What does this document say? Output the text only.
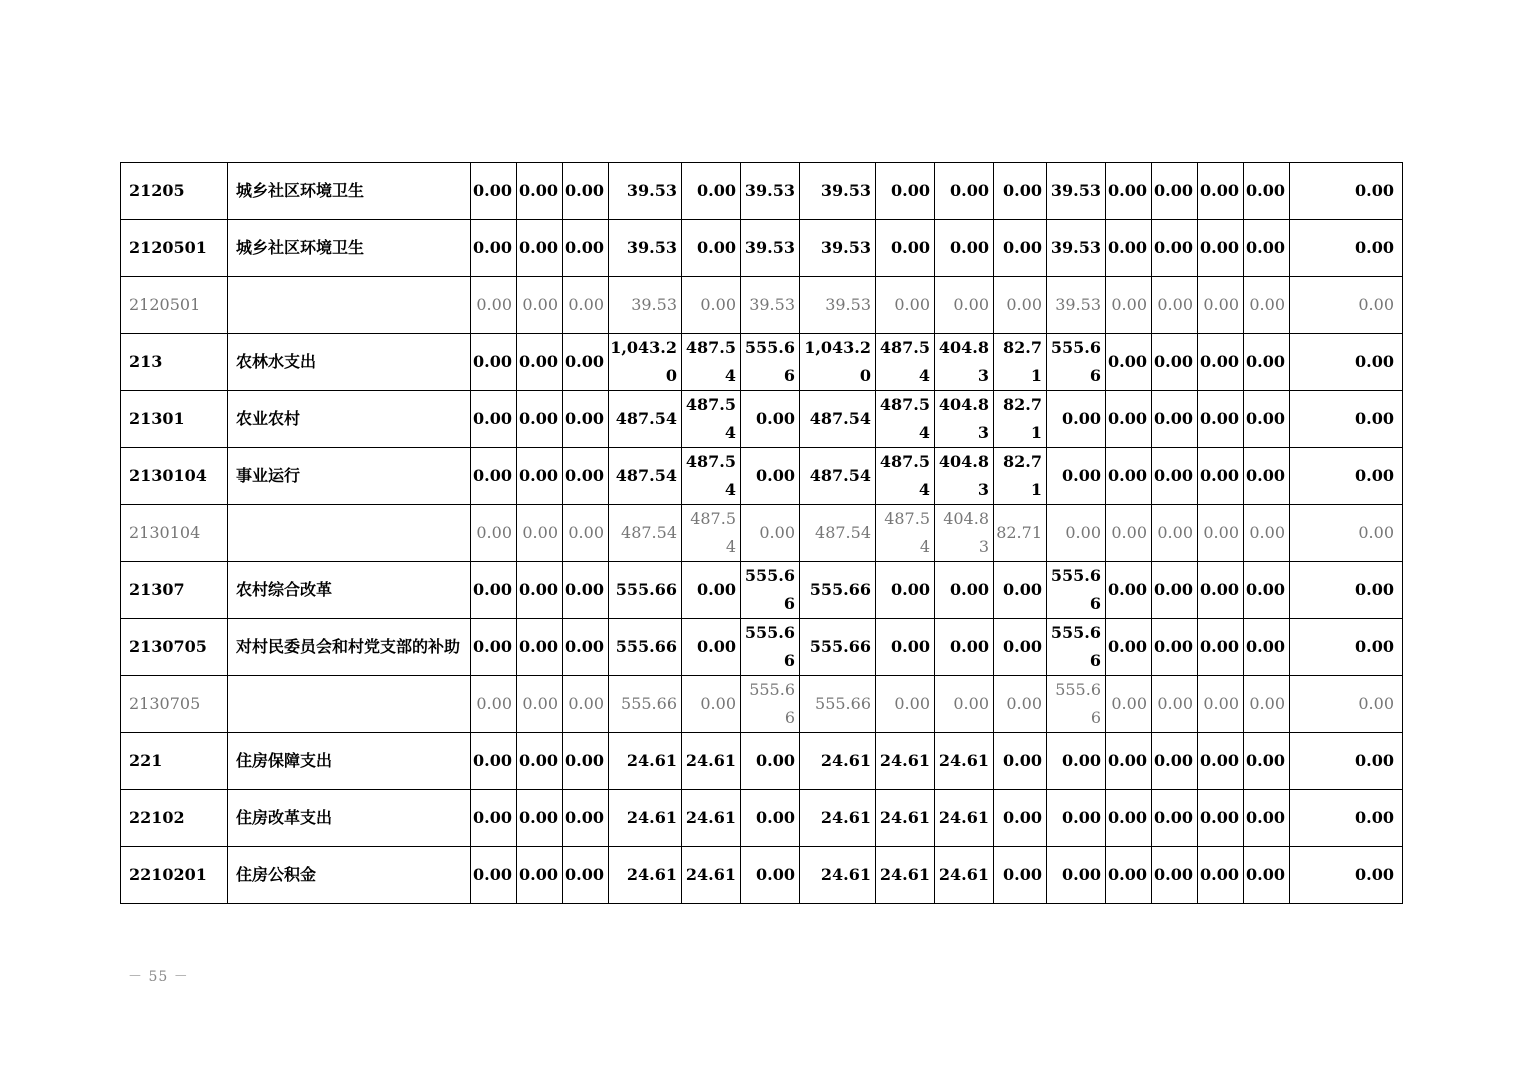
21205	城乡社区环境卫生	0.00	0.00	0.00	39.53	0.00	39.53	39.53	0.00	0.00	0.00	39.53	0.00	0.00	0.00	0.00	0.00
2120501	城乡社区环境卫生	0.00	0.00	0.00	39.53	0.00	39.53	39.53	0.00	0.00	0.00	39.53	0.00	0.00	0.00	0.00	0.00
2120501		0.00	0.00	0.00	39.53	0.00	39.53	39.53	0.00	0.00	0.00	39.53	0.00	0.00	0.00	0.00	0.00
213	农林水支出	0.00	0.00	0.00	1,043.20	487.54	555.66	1,043.20	487.54	404.83	82.71	555.66	0.00	0.00	0.00	0.00	0.00
21301	农业农村	0.00	0.00	0.00	487.54	487.54	0.00	487.54	487.54	404.83	82.71	0.00	0.00	0.00	0.00	0.00	0.00
2130104	事业运行	0.00	0.00	0.00	487.54	487.54	0.00	487.54	487.54	404.83	82.71	0.00	0.00	0.00	0.00	0.00	0.00
2130104		0.00	0.00	0.00	487.54	487.54	0.00	487.54	487.54	404.83	82.71	0.00	0.00	0.00	0.00	0.00	0.00
21307	农村综合改革	0.00	0.00	0.00	555.66	0.00	555.66	555.66	0.00	0.00	0.00	555.66	0.00	0.00	0.00	0.00	0.00
2130705	对村民委员会和村党支部的补助	0.00	0.00	0.00	555.66	0.00	555.66	555.66	0.00	0.00	0.00	555.66	0.00	0.00	0.00	0.00	0.00
2130705		0.00	0.00	0.00	555.66	0.00	555.66	555.66	0.00	0.00	0.00	555.66	0.00	0.00	0.00	0.00	0.00
221	住房保障支出	0.00	0.00	0.00	24.61	24.61	0.00	24.61	24.61	24.61	0.00	0.00	0.00	0.00	0.00	0.00	0.00
22102	住房改革支出	0.00	0.00	0.00	24.61	24.61	0.00	24.61	24.61	24.61	0.00	0.00	0.00	0.00	0.00	0.00	0.00
2210201	住房公积金	0.00	0.00	0.00	24.61	24.61	0.00	24.61	24.61	24.61	0.00	0.00	0.00	0.00	0.00	0.00	0.00
－ 55 －
